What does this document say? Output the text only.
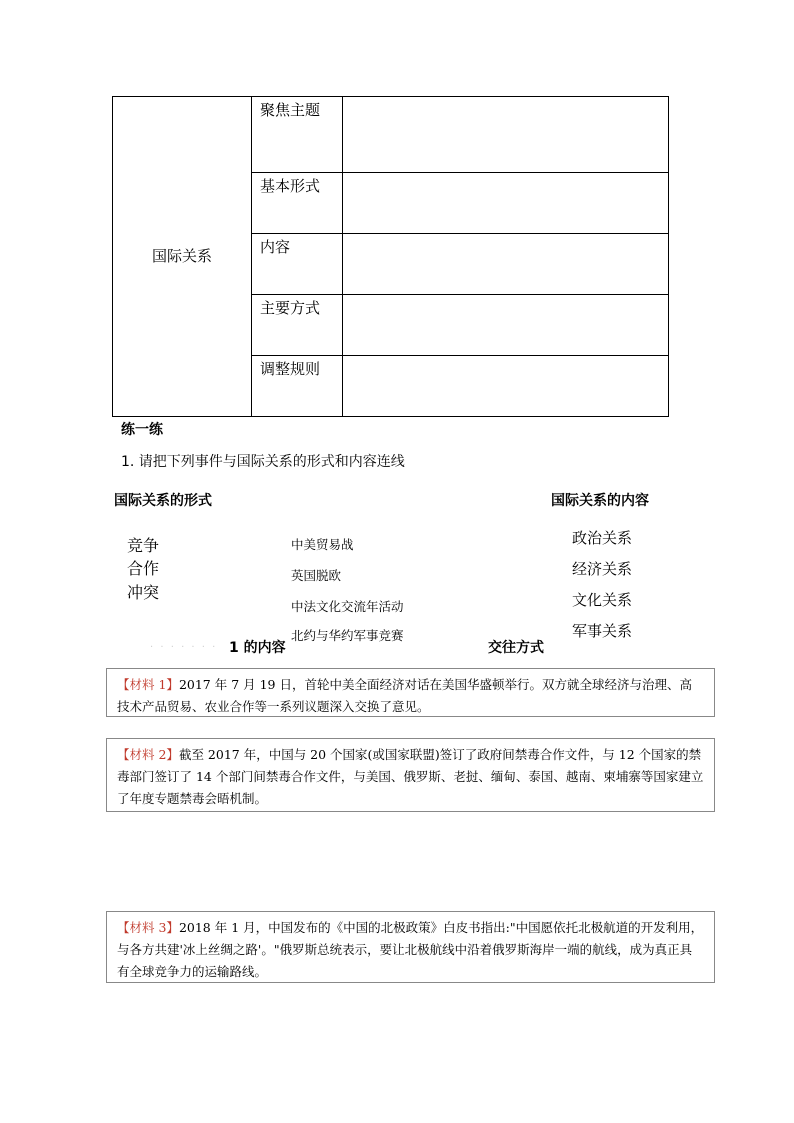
国际关系	聚焦主题	
	基本形式	
	内容	
	主要方式	
	调整规则	
练一练
1. 请把下列事件与国际关系的形式和内容连线
国际关系的形式	国际关系的内容
竞争
合作
冲突
中美贸易战
英国脱欧
中法文化交流年活动
北约与华约军事竞赛
政治关系
经济关系
文化关系
军事关系
· · · · · · · 1 的内容	交往方式
【材料 1】2017 年 7 月 19 日，首轮中美全面经济对话在美国华盛顿举行。双方就全球经济与治理、高技术产品贸易、农业合作等一系列议题深入交换了意见。
【材料 2】截至 2017 年，中国与 20 个国家(或国家联盟)签订了政府间禁毒合作文件，与 12 个国家的禁毒部门签订了 14 个部门间禁毒合作文件，与美国、俄罗斯、老挝、缅甸、泰国、越南、柬埔寨等国家建立了年度专题禁毒会晤机制。
【材料 3】2018 年 1 月，中国发布的《中国的北极政策》白皮书指出:"中国愿依托北极航道的开发利用，与各方共建'冰上丝绸之路'。"俄罗斯总统表示，要让北极航线中沿着俄罗斯海岸一端的航线，成为真正具有全球竞争力的运输路线。
